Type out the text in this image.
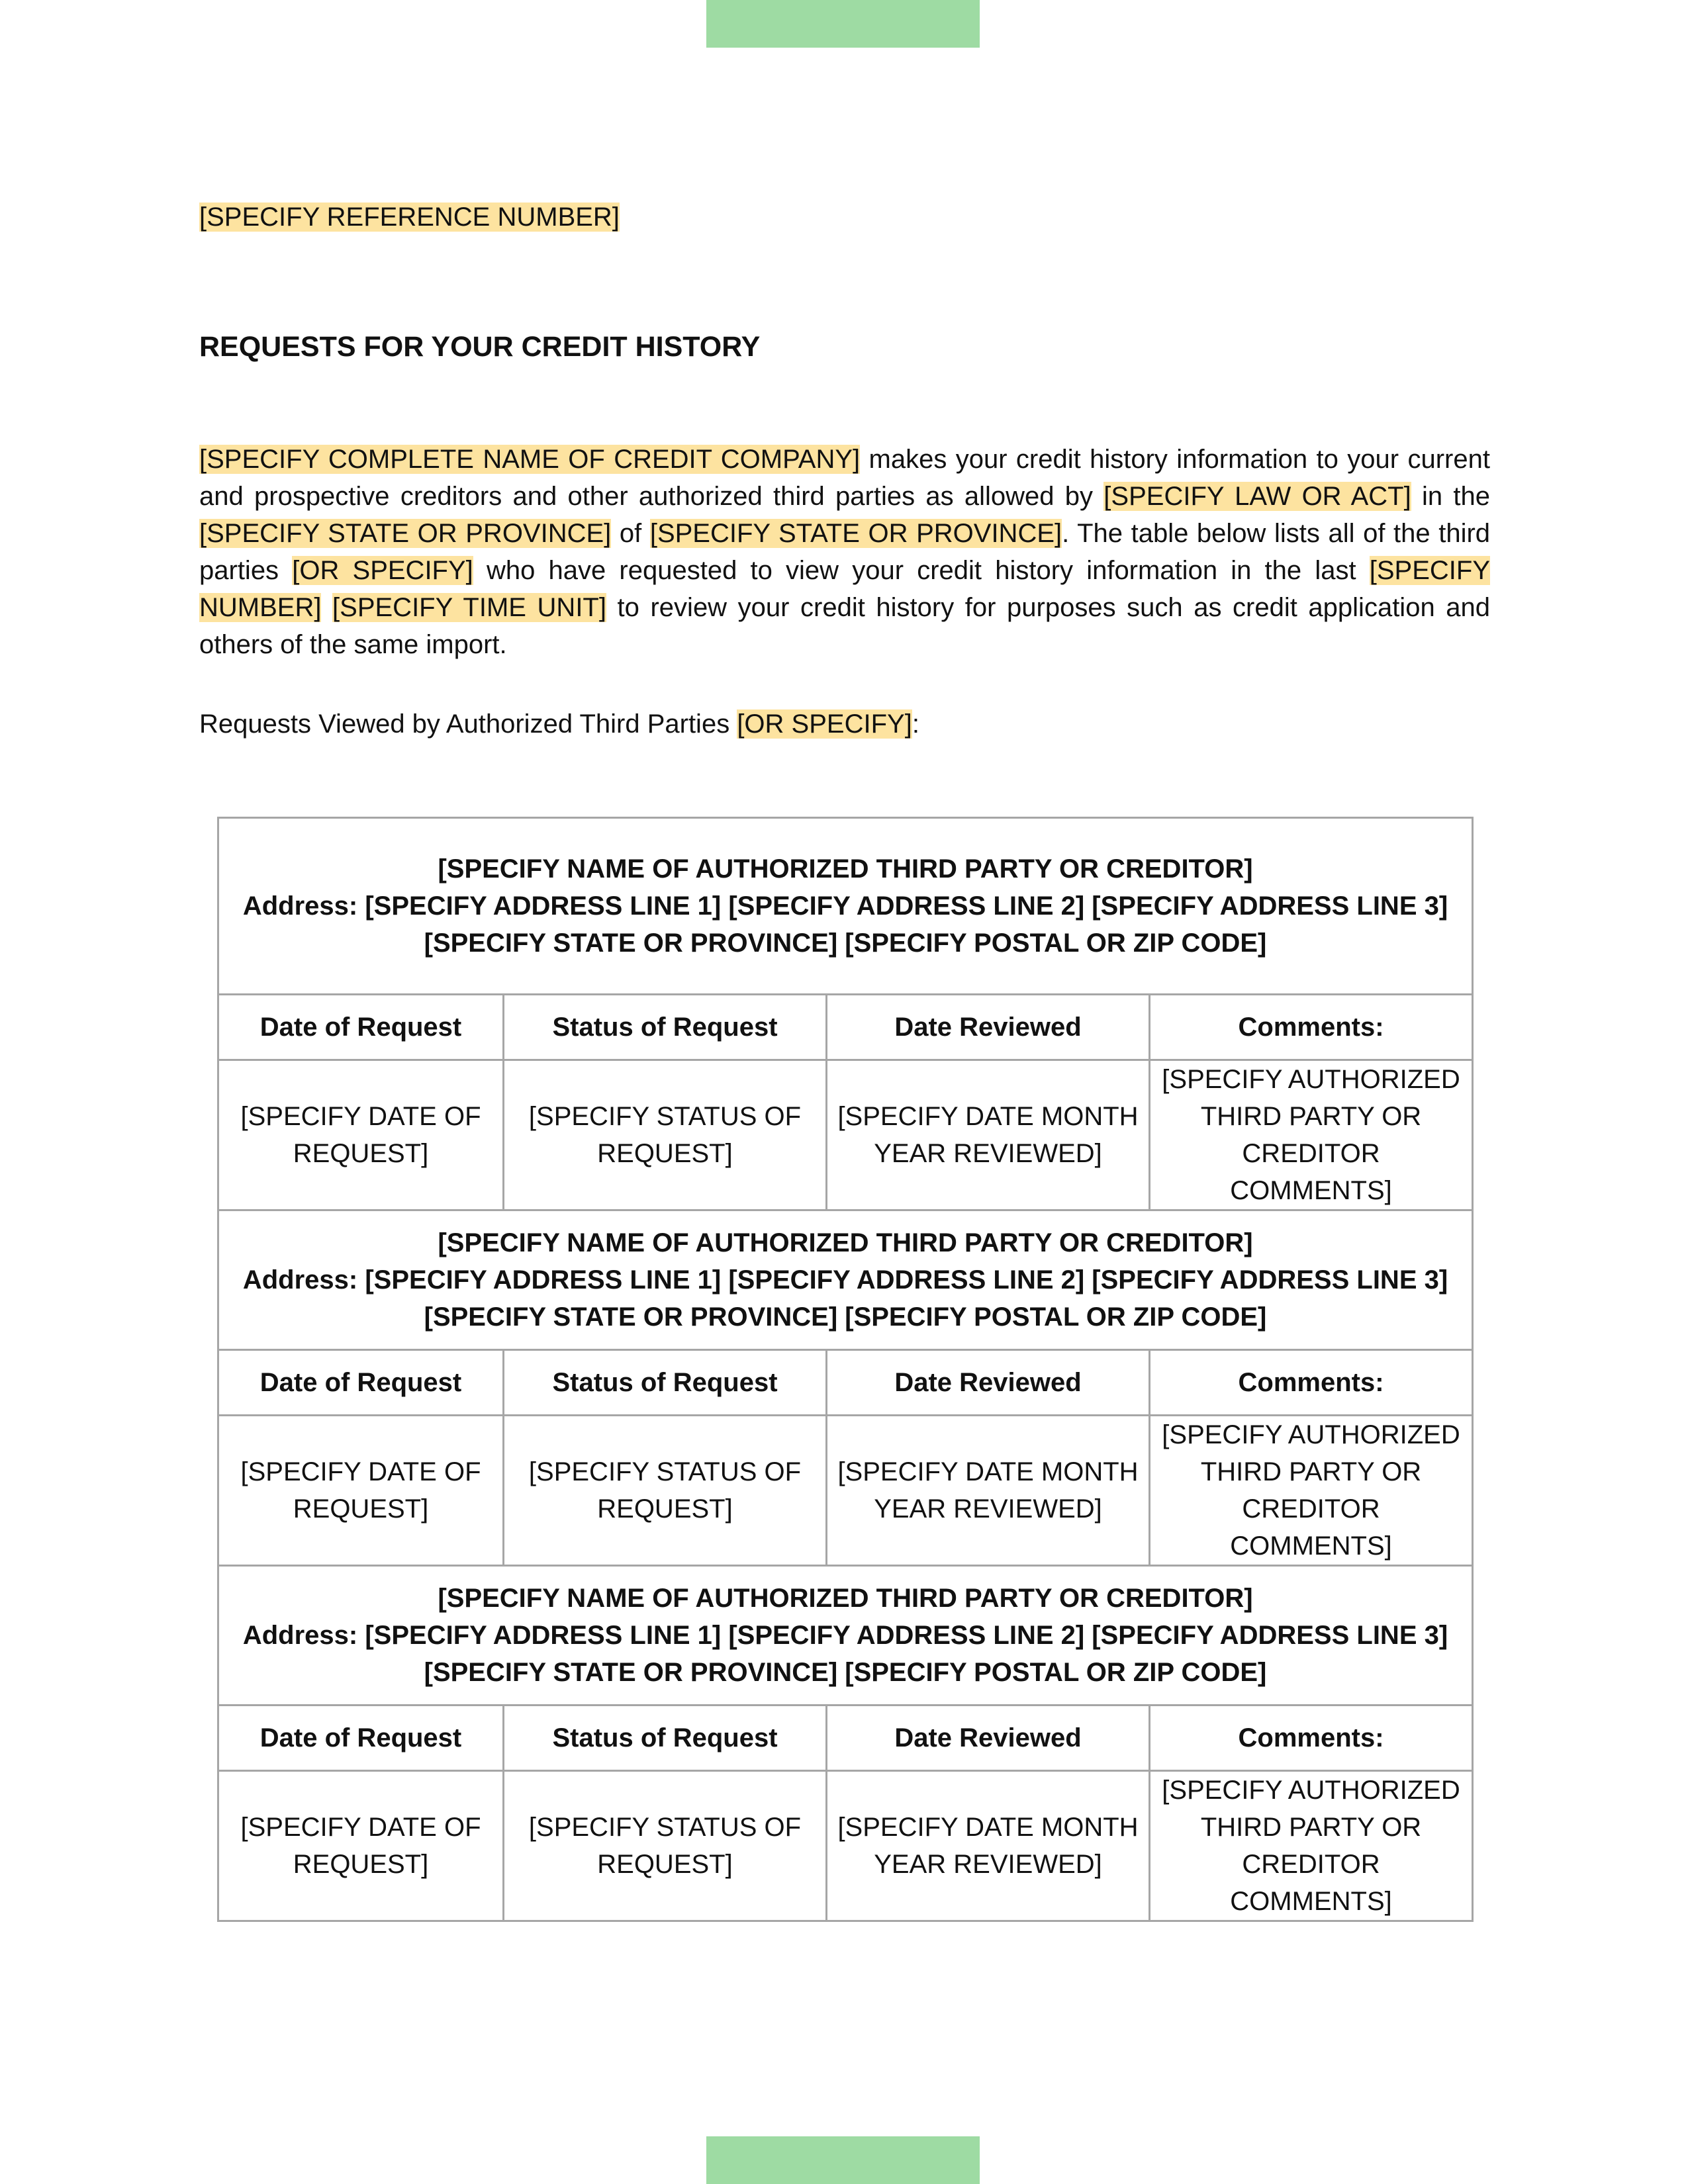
[SPECIFY REFERENCE NUMBER]
REQUESTS FOR YOUR CREDIT HISTORY
[SPECIFY COMPLETE NAME OF CREDIT COMPANY] makes your credit history information to your current and prospective creditors and other authorized third parties as allowed by [SPECIFY LAW OR ACT] in the [SPECIFY STATE OR PROVINCE] of [SPECIFY STATE OR PROVINCE]. The table below lists all of the third parties [OR SPECIFY] who have requested to view your credit history information in the last [SPECIFY NUMBER] [SPECIFY TIME UNIT] to review your credit history for purposes such as credit application and others of the same import.
Requests Viewed by Authorized Third Parties [OR SPECIFY]:
[SPECIFY NAME OF AUTHORIZED THIRD PARTY OR CREDITOR]
Address: [SPECIFY ADDRESS LINE 1] [SPECIFY ADDRESS LINE 2] [SPECIFY ADDRESS LINE 3]
[SPECIFY STATE OR PROVINCE] [SPECIFY POSTAL OR ZIP CODE]			

Date of Request	Status of Request	Date Reviewed	Comments:
[SPECIFY DATE OF REQUEST]	[SPECIFY STATUS OF REQUEST]	[SPECIFY DATE MONTH YEAR REVIEWED]	[SPECIFY AUTHORIZED THIRD PARTY OR CREDITOR COMMENTS]

[SPECIFY NAME OF AUTHORIZED THIRD PARTY OR CREDITOR]
Address: [SPECIFY ADDRESS LINE 1] [SPECIFY ADDRESS LINE 2] [SPECIFY ADDRESS LINE 3]
[SPECIFY STATE OR PROVINCE] [SPECIFY POSTAL OR ZIP CODE]			

Date of Request	Status of Request	Date Reviewed	Comments:
[SPECIFY DATE OF REQUEST]	[SPECIFY STATUS OF REQUEST]	[SPECIFY DATE MONTH YEAR REVIEWED]	[SPECIFY AUTHORIZED THIRD PARTY OR CREDITOR COMMENTS]

[SPECIFY NAME OF AUTHORIZED THIRD PARTY OR CREDITOR]
Address: [SPECIFY ADDRESS LINE 1] [SPECIFY ADDRESS LINE 2] [SPECIFY ADDRESS LINE 3]
[SPECIFY STATE OR PROVINCE] [SPECIFY POSTAL OR ZIP CODE]			

Date of Request	Status of Request	Date Reviewed	Comments:
[SPECIFY DATE OF REQUEST]	[SPECIFY STATUS OF REQUEST]	[SPECIFY DATE MONTH YEAR REVIEWED]	[SPECIFY AUTHORIZED THIRD PARTY OR CREDITOR COMMENTS]
